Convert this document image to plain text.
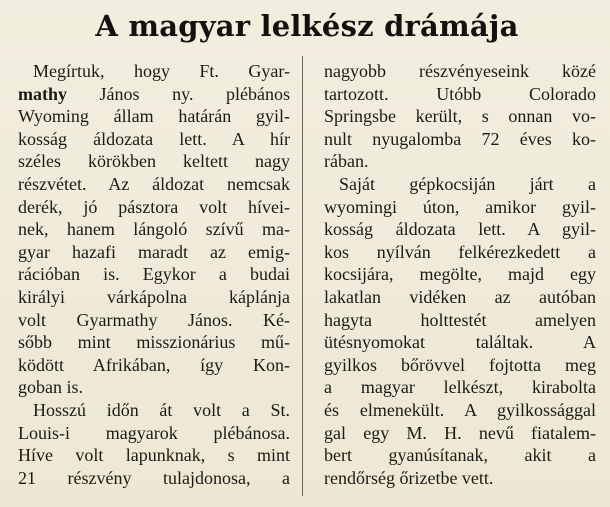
A magyar lelkész drámája
Megírtuk, hogy Ft. Gyar-
mathy János ny. plébános
Wyoming állam határán gyil-
kosság áldozata lett. A hír
széles körökben keltett nagy
részvétet. Az áldozat nemcsak
derék, jó pásztora volt hívei-
nek, hanem lángoló szívű ma-
gyar hazafi maradt az emig-
rációban is. Egykor a budai
királyi várkápolna káplánja
volt Gyarmathy János. Ké-
sőbb mint misszionárius mű-
ködött Afrikában, így Kon-
goban is.
Hosszú időn át volt a St.
Louis-i magyarok plébánosa.
Híve volt lapunknak, s mint
21 részvény tulajdonosa, a
nagyobb részvényeseink közé
tartozott. Utóbb Colorado
Springsbe került, s onnan vo-
nult nyugalomba 72 éves ko-
rában.
Saját gépkocsiján járt a
wyomingi úton, amikor gyil-
kosság áldozata lett. A gyil-
kos nyílván felkérezkedett a
kocsijára, megölte, majd egy
lakatlan vidéken az autóban
hagyta holttestét amelyen
ütésnyomokat találtak. A
gyilkos bőrövvel fojtotta meg
a magyar lelkészt, kirabolta
és elmenekült. A gyilkossággal
gal egy M. H. nevű fiatalem-
bert gyanúsítanak, akit a
rendőrség őrizetbe vett.
